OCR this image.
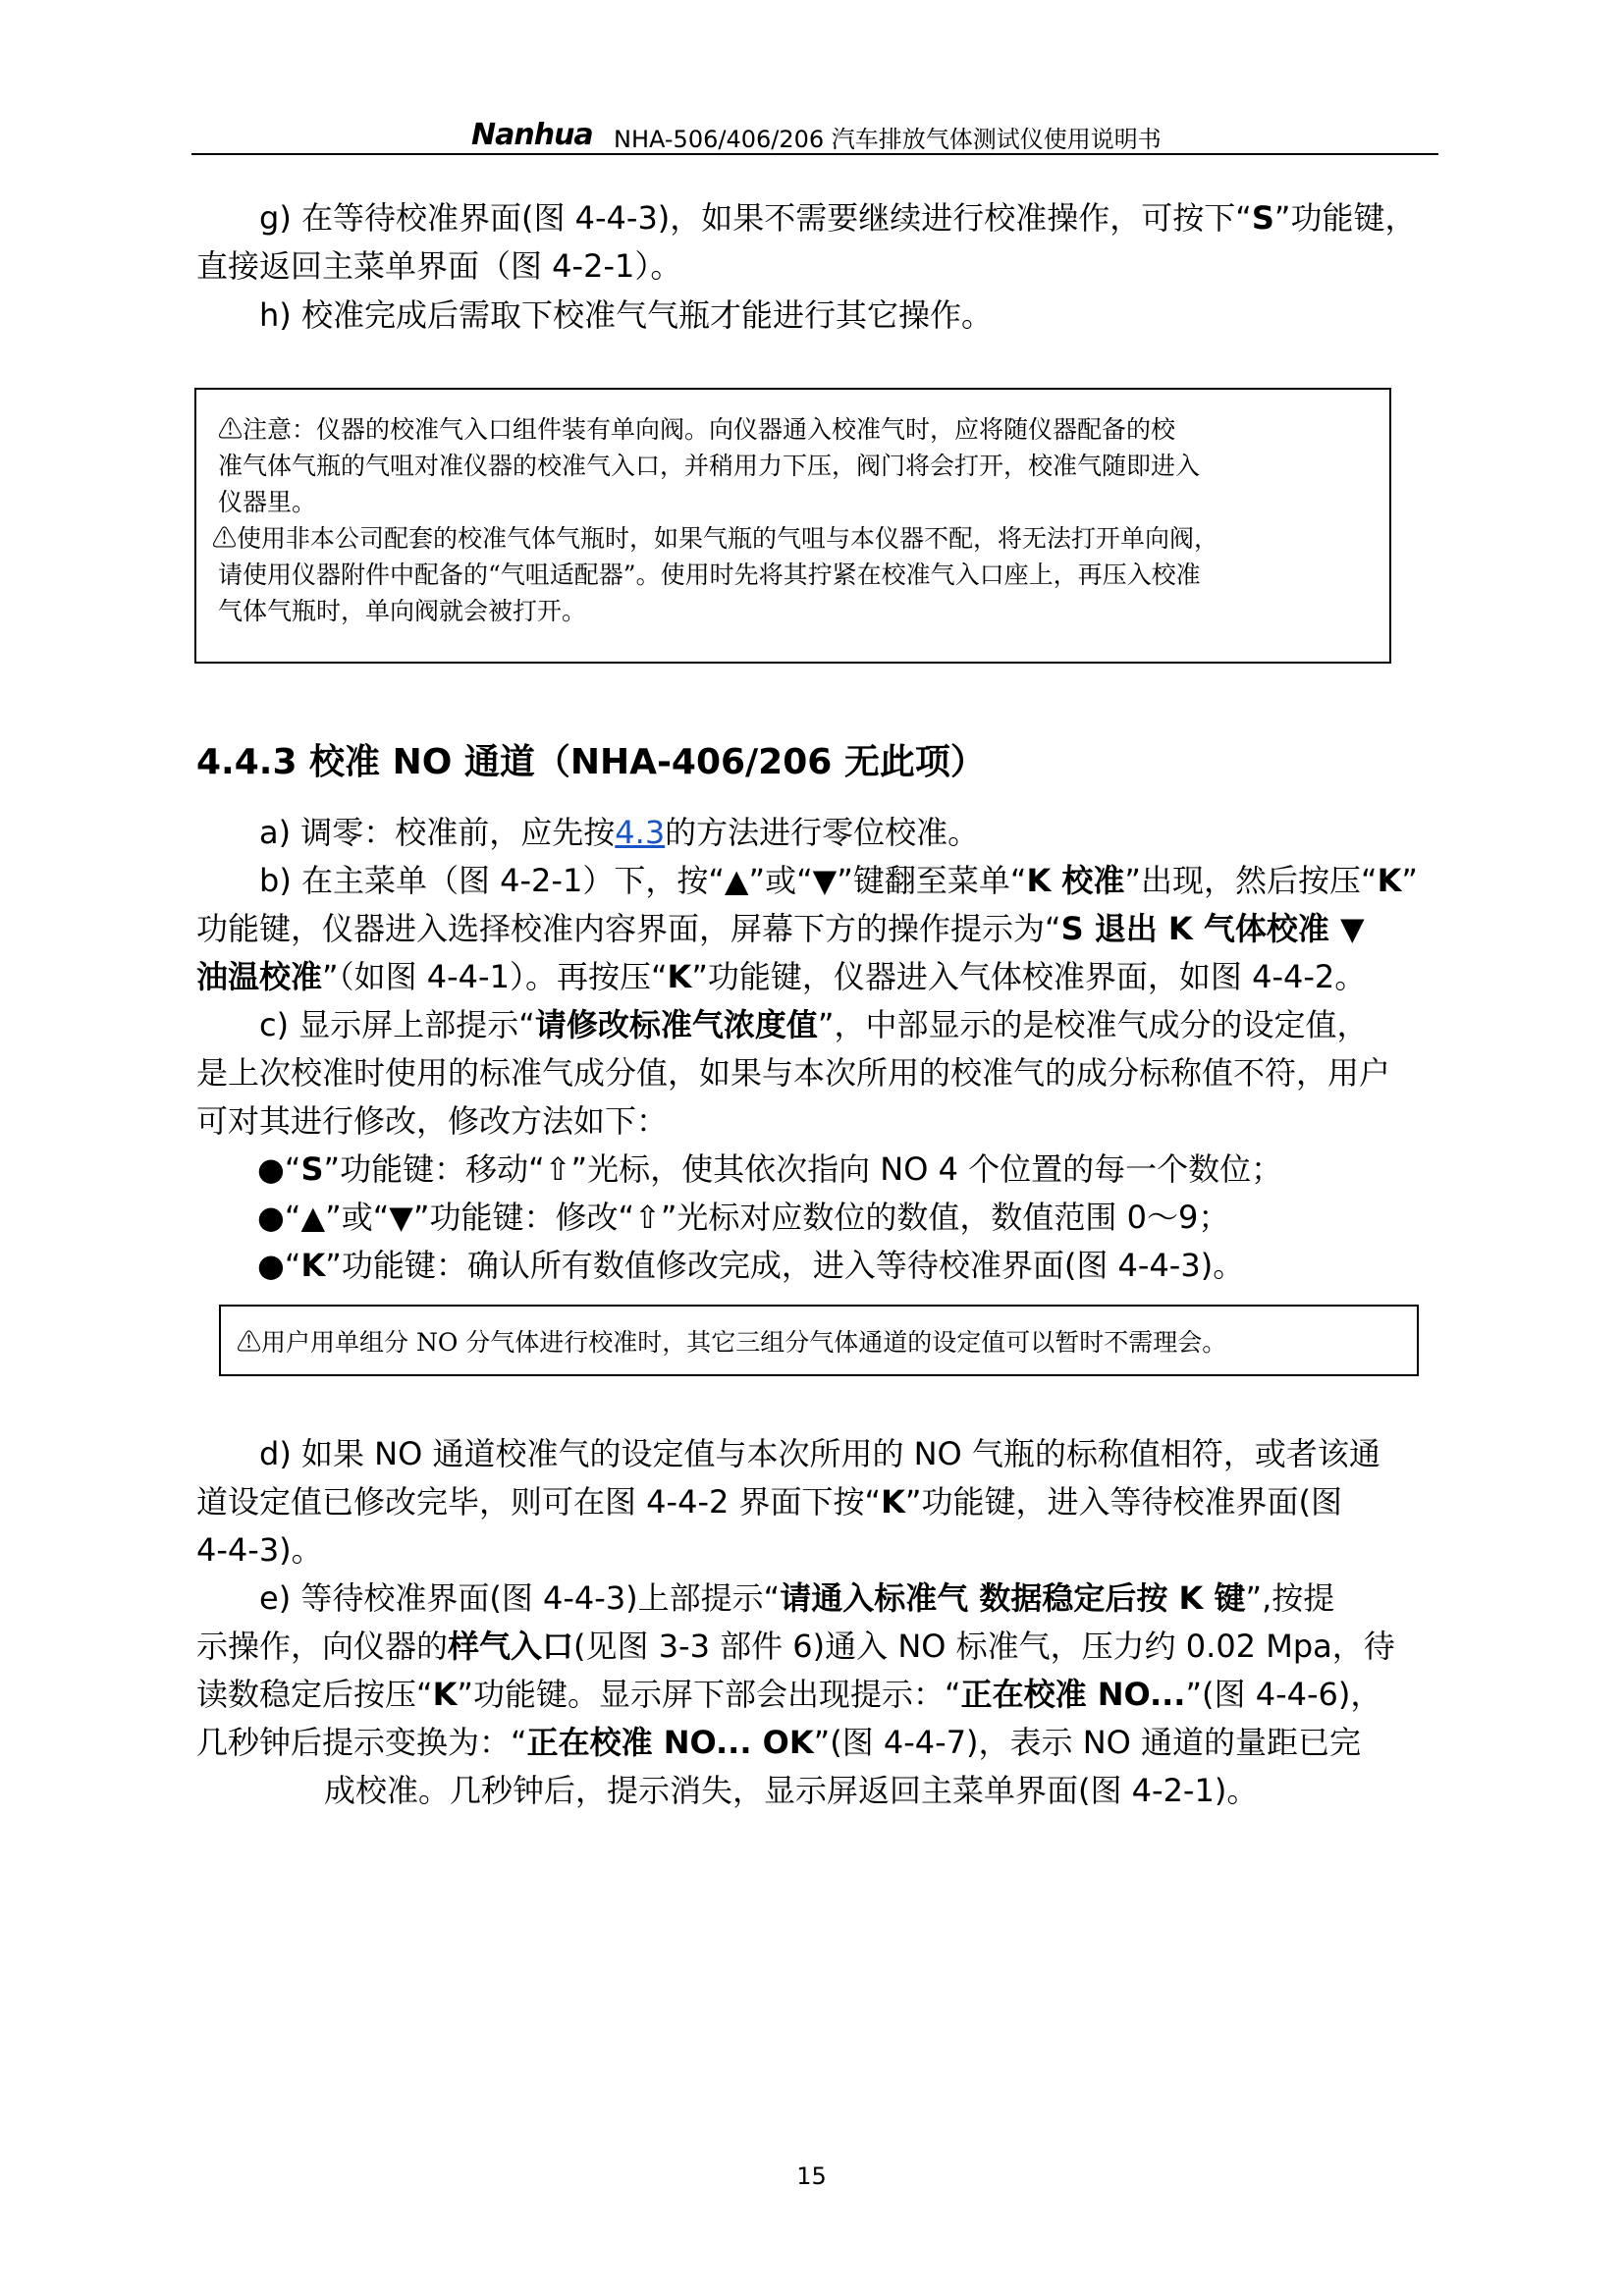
Nanhua NHA-506/406/206 汽车排放气体测试仪使用说明书
g) 在等待校准界面(图 4-4-3)，如果不需要继续进行校准操作，可按下“S”功能键，
直接返回主菜单界面（图 4-2-1）。
h) 校准完成后需取下校准气气瓶才能进行其它操作。
⚠注意：仪器的校准气入口组件装有单向阀。向仪器通入校准气时，应将随仪器配备的校
准气体气瓶的气咀对准仪器的校准气入口，并稍用力下压，阀门将会打开，校准气随即进入
仪器里。
⚠使用非本公司配套的校准气体气瓶时，如果气瓶的气咀与本仪器不配，将无法打开单向阀，
请使用仪器附件中配备的“气咀适配器”。使用时先将其拧紧在校准气入口座上，再压入校准
气体气瓶时，单向阀就会被打开。
4.4.3 校准 NO 通道（NHA-406/206 无此项）
a) 调零：校准前，应先按4.3的方法进行零位校准。
b) 在主菜单（图 4-2-1）下，按“▲”或“▼”键翻至菜单“K 校准”出现，然后按压“K”
功能键，仪器进入选择校准内容界面，屏幕下方的操作提示为“S 退出 K 气体校准 ▼
油温校准”（如图 4-4-1）。再按压“K”功能键，仪器进入气体校准界面，如图 4-4-2。
c) 显示屏上部提示“请修改标准气浓度值”，中部显示的是校准气成分的设定值，
是上次校准时使用的标准气成分值，如果与本次所用的校准气的成分标称值不符，用户
可对其进行修改，修改方法如下：
●“S”功能键：移动“⇧”光标，使其依次指向 NO 4 个位置的每一个数位；
●“▲”或“▼”功能键：修改“⇧”光标对应数位的数值，数值范围 0～9；
●“K”功能键：确认所有数值修改完成，进入等待校准界面(图 4-4-3)。
⚠用户用单组分 NO 分气体进行校准时，其它三组分气体通道的设定值可以暂时不需理会。
d) 如果 NO 通道校准气的设定值与本次所用的 NO 气瓶的标称值相符，或者该通
道设定值已修改完毕，则可在图 4-4-2 界面下按“K”功能键，进入等待校准界面(图
4-4-3)。
e) 等待校准界面(图 4-4-3)上部提示“请通入标准气 数据稳定后按 K 键”,按提
示操作，向仪器的样气入口(见图 3-3 部件 6)通入 NO 标准气，压力约 0.02 Mpa，待
读数稳定后按压“K”功能键。显示屏下部会出现提示：“正在校准 NO...”(图 4-4-6)，
几秒钟后提示变换为：“正在校准 NO... OK”(图 4-4-7)，表示 NO 通道的量距已完
成校准。几秒钟后，提示消失，显示屏返回主菜单界面(图 4-2-1)。
15
